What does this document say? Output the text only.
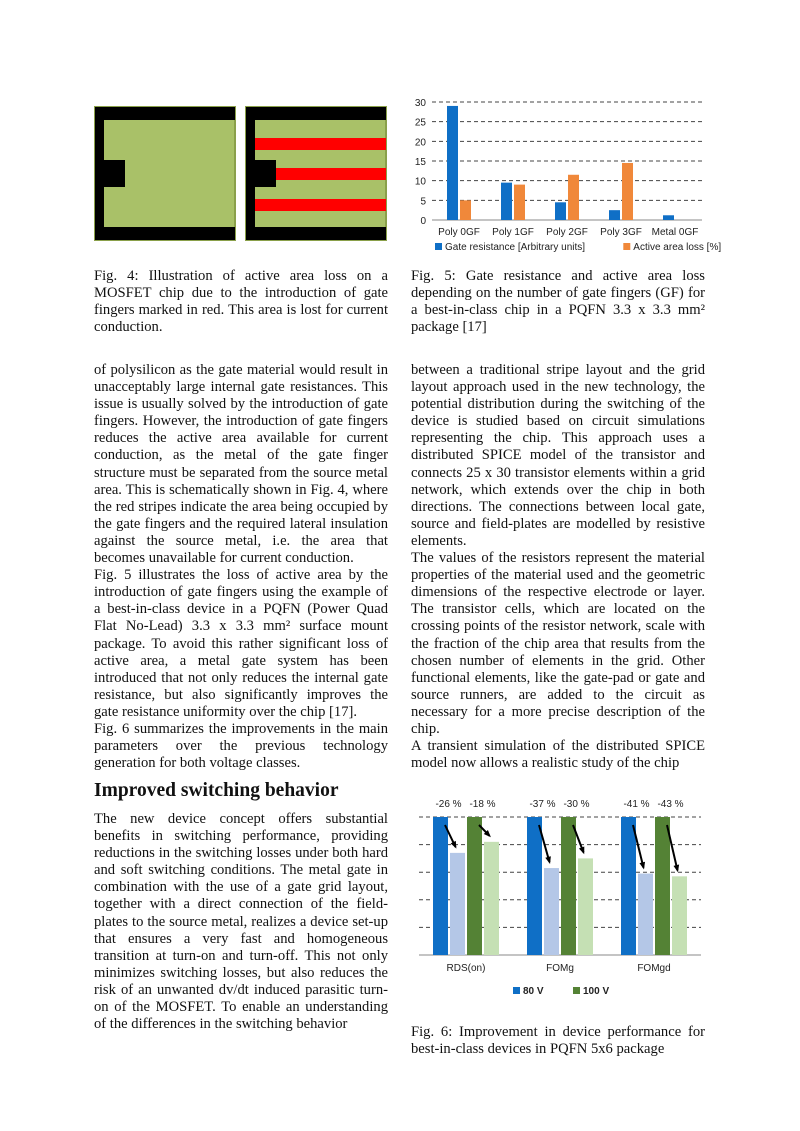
Fig. 4: Illustration of active area loss on a MOSFET chip due to the introduction of gate fingers marked in red. This area is lost for current conduction.

0
5
10
15
20
25
30
Poly 0GF Poly 1GF Poly 2GF Poly 3GF Metal 0GF
Gate resistance [Arbitrary units]	Active area loss [%]

Fig. 5: Gate resistance and active area loss depending on the number of gate fingers (GF) for a best-in-class chip in a PQFN 3.3 x 3.3 mm² package [17]

of polysilicon as the gate material would result in unacceptably large internal gate resistances. This issue is usually solved by the introduction of gate fingers. However, the introduction of gate fingers reduces the active area available for current conduction, as the metal of the gate finger structure must be separated from the source metal area. This is schematically shown in Fig. 4, where the red stripes indicate the area being occupied by the gate fingers and the required lateral insulation against the source metal, i.e. the area that becomes unavailable for current conduction.

Fig. 5 illustrates the loss of active area by the introduction of gate fingers using the example of a best-in-class device in a PQFN (Power Quad Flat No-Lead) 3.3 x 3.3 mm² surface mount package. To avoid this rather significant loss of active area, a metal gate system has been introduced that not only reduces the internal gate resistance, but also significantly improves the gate resistance uniformity over the chip [17].

Fig. 6 summarizes the improvements in the main parameters over the previous technology generation for both voltage classes.

Improved switching behavior

The new device concept offers substantial benefits in switching performance, providing reductions in the switching losses under both hard and soft switching conditions. The metal gate in combination with the use of a gate grid layout, together with a direct connection of the field-plates to the source metal, realizes a device set-up that ensures a very fast and homogeneous transition at turn-on and turn-off. This not only minimizes switching losses, but also reduces the risk of an unwanted dv/dt induced parasitic turn-on of the MOSFET. To enable an understanding of the differences in the switching behavior

between a traditional stripe layout and the grid layout approach used in the new technology, the potential distribution during the switching of the device is studied based on circuit simulations representing the chip. This approach uses a distributed SPICE model of the transistor and connects 25 x 30 transistor elements within a grid network, which extends over the chip in both directions. The connections between local gate, source and field-plates are modelled by resistive elements.

The values of the resistors represent the material properties of the material used and the geometric dimensions of the respective electrode or layer. The transistor cells, which are located on the crossing points of the resistor network, scale with the fraction of the chip area that results from the chosen number of elements in the grid. Other functional elements, like the gate-pad or gate and source runners, are added to the circuit as necessary for a more precise description of the chip.

A transient simulation of the distributed SPICE model now allows a realistic study of the chip

RDS(on)
-26 % -18 %
FOMg
-37 % -30 %
FOMgd
-41 % -43 %
80 V	100 V

Fig. 6: Improvement in device performance for best-in-class devices in PQFN 5x6 package
